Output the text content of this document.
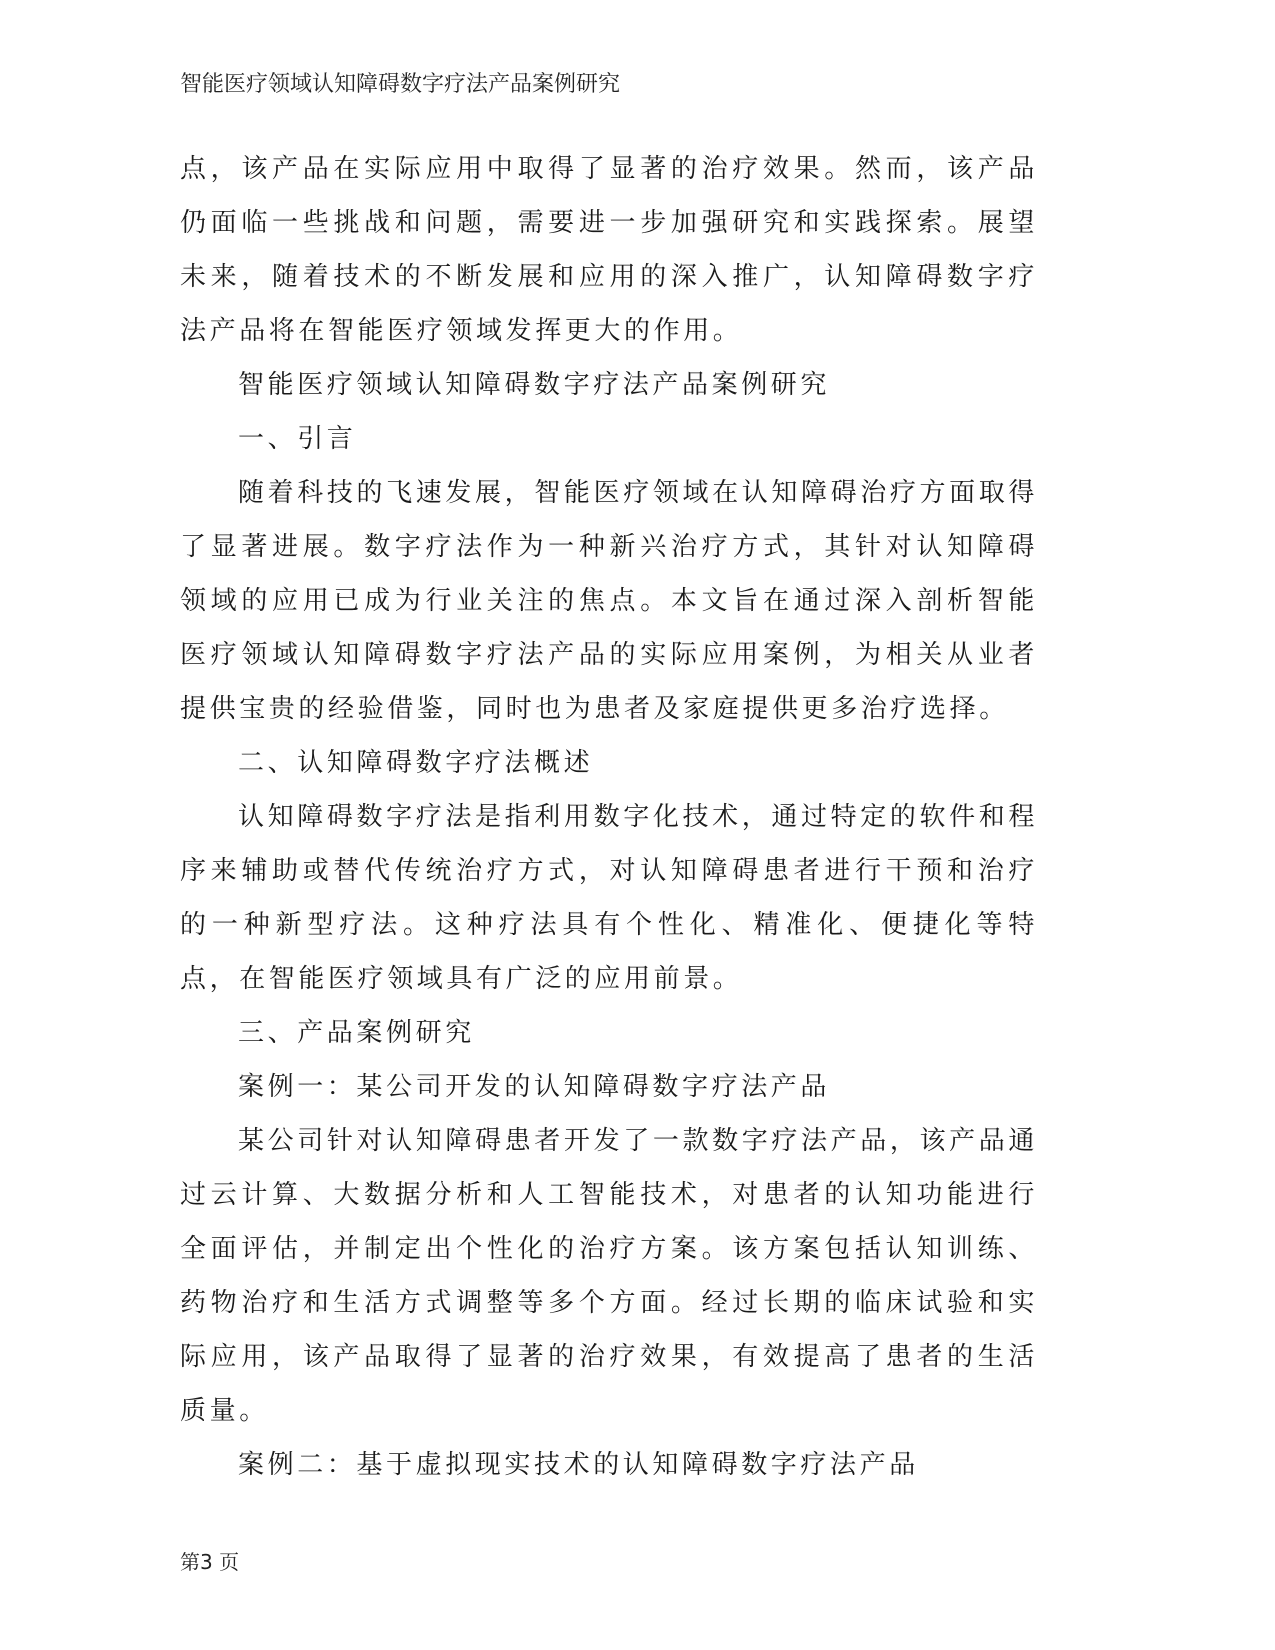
智能医疗领域认知障碍数字疗法产品案例研究

点，该产品在实际应用中取得了显著的治疗效果。然而，该产品仍面临一些挑战和问题，需要进一步加强研究和实践探索。展望未来，随着技术的不断发展和应用的深入推广，认知障碍数字疗法产品将在智能医疗领域发挥更大的作用。

智能医疗领域认知障碍数字疗法产品案例研究

一、引言

随着科技的飞速发展，智能医疗领域在认知障碍治疗方面取得了显著进展。数字疗法作为一种新兴治疗方式，其针对认知障碍领域的应用已成为行业关注的焦点。本文旨在通过深入剖析智能医疗领域认知障碍数字疗法产品的实际应用案例，为相关从业者提供宝贵的经验借鉴，同时也为患者及家庭提供更多治疗选择。

二、认知障碍数字疗法概述

认知障碍数字疗法是指利用数字化技术，通过特定的软件和程序来辅助或替代传统治疗方式，对认知障碍患者进行干预和治疗的一种新型疗法。这种疗法具有个性化、精准化、便捷化等特点，在智能医疗领域具有广泛的应用前景。

三、产品案例研究

案例一：某公司开发的认知障碍数字疗法产品

某公司针对认知障碍患者开发了一款数字疗法产品，该产品通过云计算、大数据分析和人工智能技术，对患者的认知功能进行全面评估，并制定出个性化的治疗方案。该方案包括认知训练、药物治疗和生活方式调整等多个方面。经过长期的临床试验和实际应用，该产品取得了显著的治疗效果，有效提高了患者的生活质量。

案例二：基于虚拟现实技术的认知障碍数字疗法产品

第3 页
